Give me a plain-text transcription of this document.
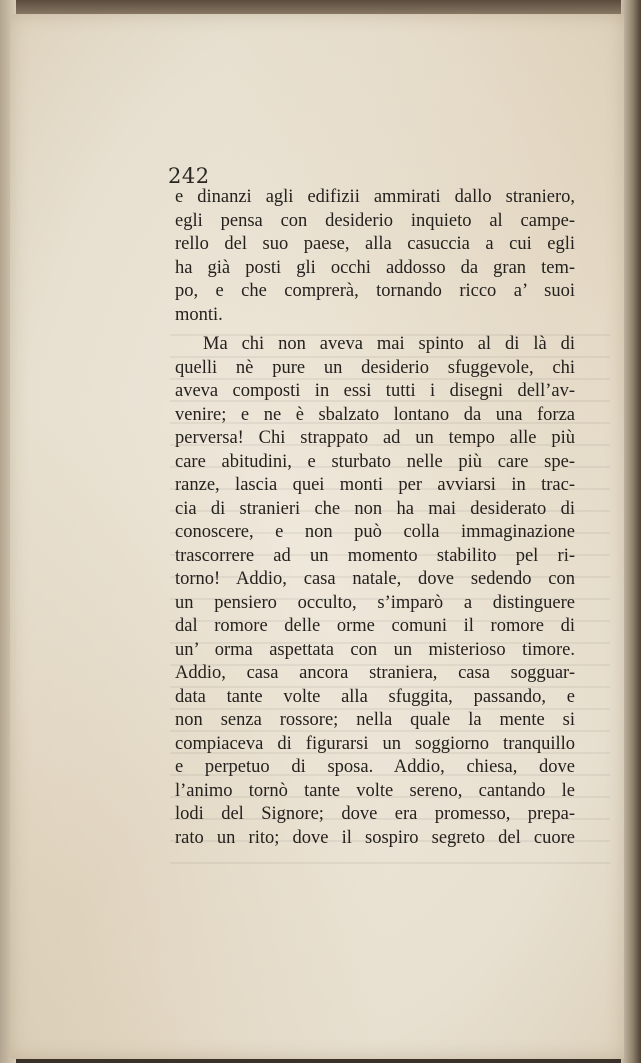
242
e dinanzi agli edifizii ammirati dallo straniero,
egli pensa con desiderio inquieto al campe-
rello del suo paese, alla casuccia a cui egli
ha già posti gli occhi addosso da gran tem-
po, e che comprerà, tornando ricco a’ suoi
monti.
Ma chi non aveva mai spinto al di là di
quelli nè pure un desiderio sfuggevole, chi
aveva composti in essi tutti i disegni dell’av-
venire; e ne è sbalzato lontano da una forza
perversa! Chi strappato ad un tempo alle più
care abitudini, e sturbato nelle più care spe-
ranze, lascia quei monti per avviarsi in trac-
cia di stranieri che non ha mai desiderato di
conoscere, e non può colla immaginazione
trascorrere ad un momento stabilito pel ri-
torno! Addio, casa natale, dove sedendo con
un pensiero occulto, s’imparò a distinguere
dal romore delle orme comuni il romore di
un’ orma aspettata con un misterioso timore.
Addio, casa ancora straniera, casa sogguar-
data tante volte alla sfuggita, passando, e
non senza rossore; nella quale la mente si
compiaceva di figurarsi un soggiorno tranquillo
e perpetuo di sposa. Addio, chiesa, dove
l’animo tornò tante volte sereno, cantando le
lodi del Signore; dove era promesso, prepa-
rato un rito; dove il sospiro segreto del cuore
